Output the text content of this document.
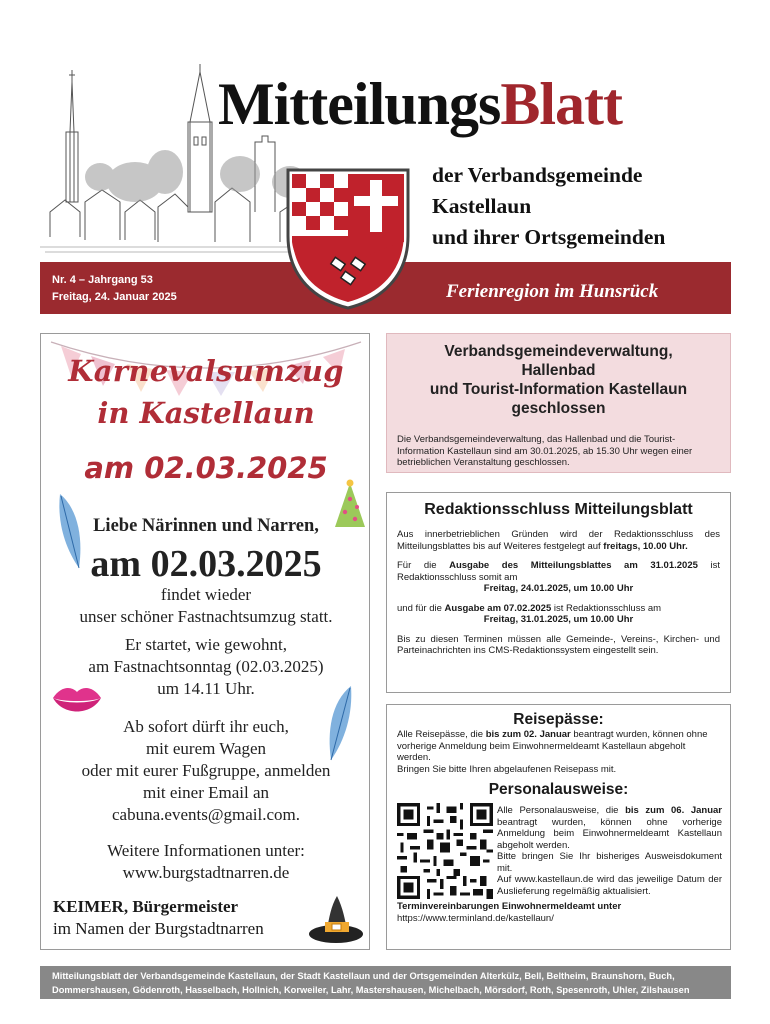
MitteilungsBlatt
der Verbandsgemeinde
Kastellaun
und ihrer Ortsgemeinden
Nr. 4 – Jahrgang 53
Freitag, 24. Januar 2025	Ferienregion im Hunsrück
Karnevalsumzug
in Kastellaun
am 02.03.2025
Liebe Närinnen und Narren,
am 02.03.2025
findet wieder
unser schöner Fastnachtsumzug statt.
Er startet, wie gewohnt,
am Fastnachtsonntag (02.03.2025)
um 14.11 Uhr.
Ab sofort dürft ihr euch,
mit eurem Wagen
oder mit eurer Fußgruppe, anmelden
mit einer Email an
cabuna.events@gmail.com.
Weitere Informationen unter:
www.burgstadtnarren.de
KEIMER, Bürgermeister
im Namen der Burgstadtnarren
Verbandsgemeindeverwaltung,
Hallenbad
und Tourist-Information Kastellaun
geschlossen

Die Verbandsgemeindeverwaltung, das Hallenbad und die Tourist-Information Kastellaun sind am 30.01.2025, ab 15.30 Uhr wegen einer betrieblichen Veranstaltung geschlossen.

Redaktionsschluss Mitteilungsblatt

Aus innerbetrieblichen Gründen wird der Redaktionsschluss des Mitteilungsblattes bis auf Weiteres festgelegt auf freitags, 10.00 Uhr.

Für die Ausgabe des Mitteilungsblattes am 31.01.2025 ist Redaktionsschluss somit am

Freitag, 24.01.2025, um 10.00 Uhr

und für die Ausgabe am 07.02.2025 ist Redaktionsschluss am

Freitag, 31.01.2025, um 10.00 Uhr

Bis zu diesen Terminen müssen alle Gemeinde-, Vereins-, Kirchen- und Parteinachrichten ins CMS-Redaktionssystem eingestellt sein.

Reisepässe:

Alle Reisepässe, die bis zum 02. Januar beantragt wurden, können ohne vorherige Anmeldung beim Einwohnermeldeamt Kastellaun abgeholt werden.

Bringen Sie bitte Ihren abgelaufenen Reisepass mit.

Personalausweise:
Alle Personalausweise, die bis zum 06. Januar beantragt wurden, können ohne vorherige Anmeldung beim Einwohnermeldeamt Kastellaun abgeholt werden.
Bitte bringen Sie Ihr bisheriges Ausweisdokument mit.
Auf www.kastellaun.de wird das jeweilige Datum der Auslieferung regelmäßig aktualisiert.
Terminvereinbarungen Einwohnermeldeamt unter
https://www.terminland.de/kastellaun/
Mitteilungsblatt der Verbandsgemeinde Kastellaun, der Stadt Kastellaun und der Ortsgemeinden Alterkülz, Bell, Beltheim, Braunshorn, Buch,
Dommershausen, Gödenroth, Hasselbach, Hollnich, Korweiler, Lahr, Mastershausen, Michelbach, Mörsdorf, Roth, Spesenroth, Uhler, Zilshausen
